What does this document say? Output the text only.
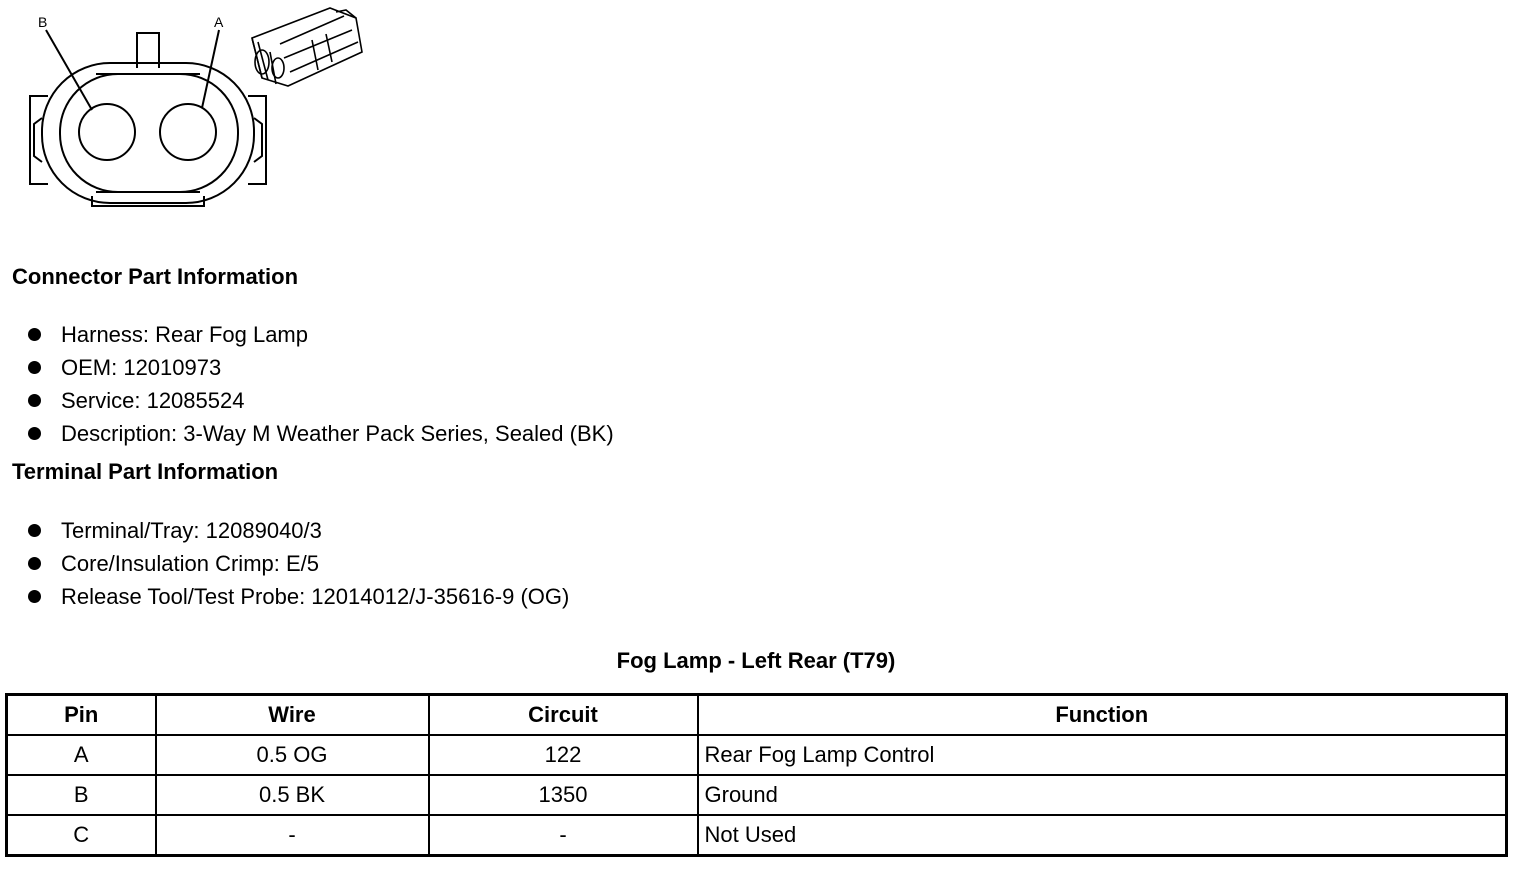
B	A
Connector Part Information
Harness: Rear Fog Lamp
OEM: 12010973
Service: 12085524
Description: 3-Way M Weather Pack Series, Sealed (BK)
Terminal Part Information
Terminal/Tray: 12089040/3
Core/Insulation Crimp: E/5
Release Tool/Test Probe: 12014012/J-35616-9 (OG)
Fog Lamp - Left Rear (T79)
Pin	Wire	Circuit	Function
A	0.5 OG	122	Rear Fog Lamp Control
B	0.5 BK	1350	Ground
C	-	-	Not Used
